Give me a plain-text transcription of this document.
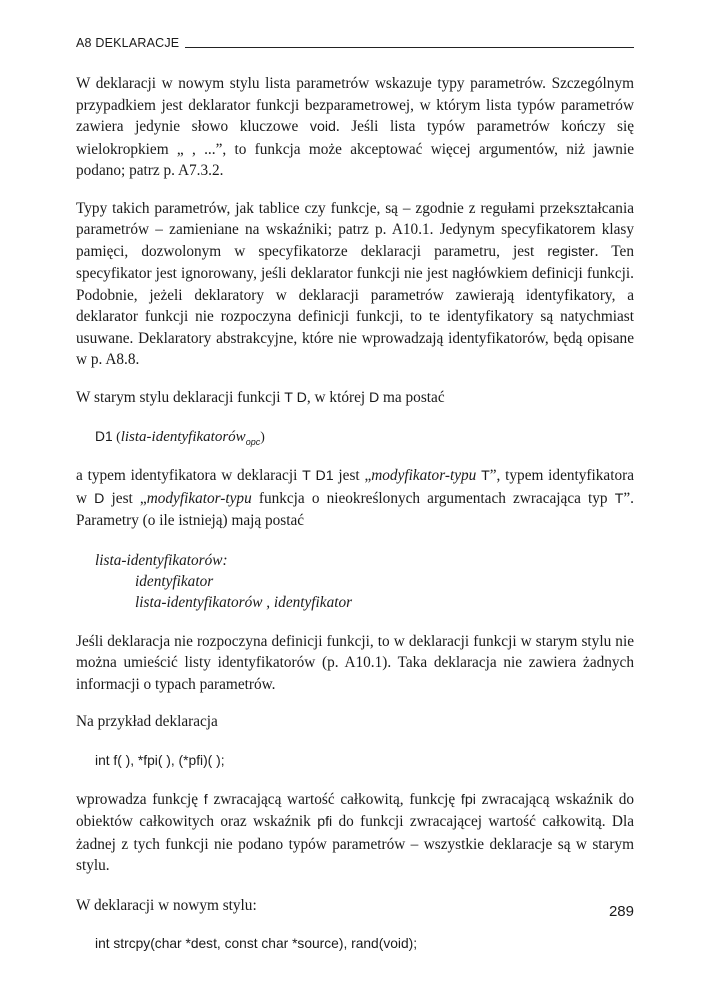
A8 DEKLARACJE

W deklaracji w nowym stylu lista parametrów wskazuje typy parametrów. Szczególnym przypadkiem jest deklarator funkcji bezparametrowej, w którym lista typów parametrów zawiera jedynie słowo kluczowe void. Jeśli lista typów parametrów kończy się wielokropkiem „ , ...”, to funkcja może akceptować więcej argumentów, niż jawnie podano; patrz p. A7.3.2.

Typy takich parametrów, jak tablice czy funkcje, są – zgodnie z regułami przekształcania parametrów – zamieniane na wskaźniki; patrz p. A10.1. Jedynym specyfikatorem klasy pamięci, dozwolonym w specyfikatorze deklaracji parametru, jest register. Ten specyfikator jest ignorowany, jeśli deklarator funkcji nie jest nagłówkiem definicji funkcji. Podobnie, jeżeli deklaratory w deklaracji parametrów zawierają identyfikatory, a deklarator funkcji nie rozpoczyna definicji funkcji, to te identyfikatory są natychmiast usuwane. Deklaratory abstrakcyjne, które nie wprowadzają identyfikatorów, będą opisane w p. A8.8.

W starym stylu deklaracji funkcji T D, w której D ma postać

D1 (lista-identyfikatorów$_{opc}$)

a typem identyfikatora w deklaracji T D1 jest „modyfikator-typu T”, typem identyfikatora w D jest „modyfikator-typu funkcja o nieokreślonych argumentach zwracająca typ T”. Parametry (o ile istnieją) mają postać

lista-identyfikatorów:
identyfikator
lista-identyfikatorów , identyfikator

Jeśli deklaracja nie rozpoczyna definicji funkcji, to w deklaracji funkcji w starym stylu nie można umieścić listy identyfikatorów (p. A10.1). Taka deklaracja nie zawiera żadnych informacji o typach parametrów.

Na przykład deklaracja

int f( ), *fpi( ), (*pfi)( );

wprowadza funkcję f zwracającą wartość całkowitą, funkcję fpi zwracającą wskaźnik do obiektów całkowitych oraz wskaźnik pfi do funkcji zwracającej wartość całkowitą. Dla żadnej z tych funkcji nie podano typów parametrów – wszystkie deklaracje są w starym stylu.

W deklaracji w nowym stylu:

int strcpy(char *dest, const char *source), rand(void);
289
